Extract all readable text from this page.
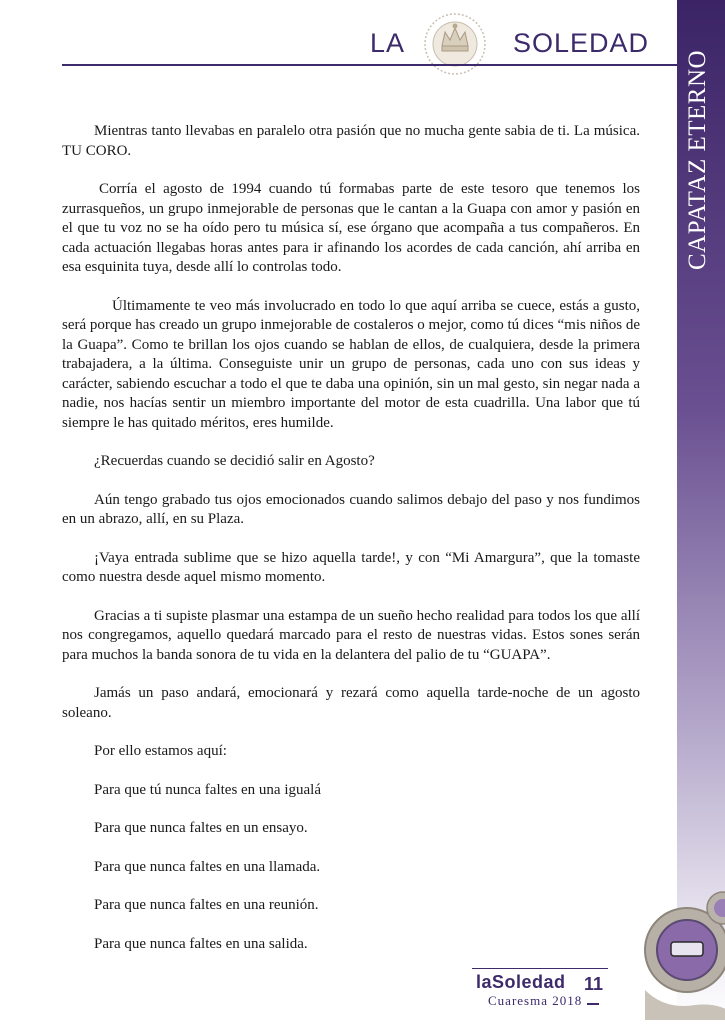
LA	SOLEDAD
CAPATAZ ETERNO

Mientras tanto llevabas en paralelo otra pasión que no mucha gente sabia de ti. La música. TU CORO.

Corría el agosto de 1994 cuando tú formabas parte de este tesoro que tenemos los zurrasqueños, un grupo inmejorable de personas que le cantan a la Guapa con amor y pasión en el que tu voz no se ha oído pero tu música sí, ese órgano que acompaña a tus compañeros. En cada actuación llegabas horas antes para ir afinando los acordes de cada canción, ahí arriba en esa esquinita tuya, desde allí lo controlas todo.

Últimamente te veo más involucrado en todo lo que aquí arriba se cuece, estás a gusto, será porque has creado un grupo inmejorable de costaleros o mejor, como tú dices “mis niños de la Guapa”. Como te brillan los ojos cuando se hablan de ellos, de cualquiera, desde la primera trabajadera, a la última. Conseguiste unir un grupo de personas, cada uno con sus ideas y carácter, sabiendo escuchar a todo el que te daba una opinión, sin un mal gesto, sin negar nada a nadie, nos hacías sentir un miembro importante del motor de esta cuadrilla. Una labor que tú siempre le has quitado méritos, eres humilde.

¿Recuerdas cuando se decidió salir en Agosto?

Aún tengo grabado tus ojos emocionados cuando salimos debajo del paso y nos fundimos en un abrazo, allí, en su Plaza.

¡Vaya entrada sublime que se hizo aquella tarde!, y con “Mi Amargura”, que la tomaste como nuestra desde aquel mismo momento.

Gracias a ti supiste plasmar una estampa de un sueño hecho realidad para todos los que allí nos congregamos, aquello quedará marcado para el resto de nuestras vidas. Estos sones serán para muchos la banda sonora de tu vida en la delantera del palio de tu “GUAPA”.

Jamás un paso andará, emocionará y rezará como aquella tarde-noche de un agosto soleano.

Por ello estamos aquí:

Para que tú nunca faltes en una igualá

Para que nunca faltes en un ensayo.

Para que nunca faltes en una llamada.

Para que nunca faltes en una reunión.

Para que nunca faltes en una salida.

laSoledad
Cuaresma 2018
11
